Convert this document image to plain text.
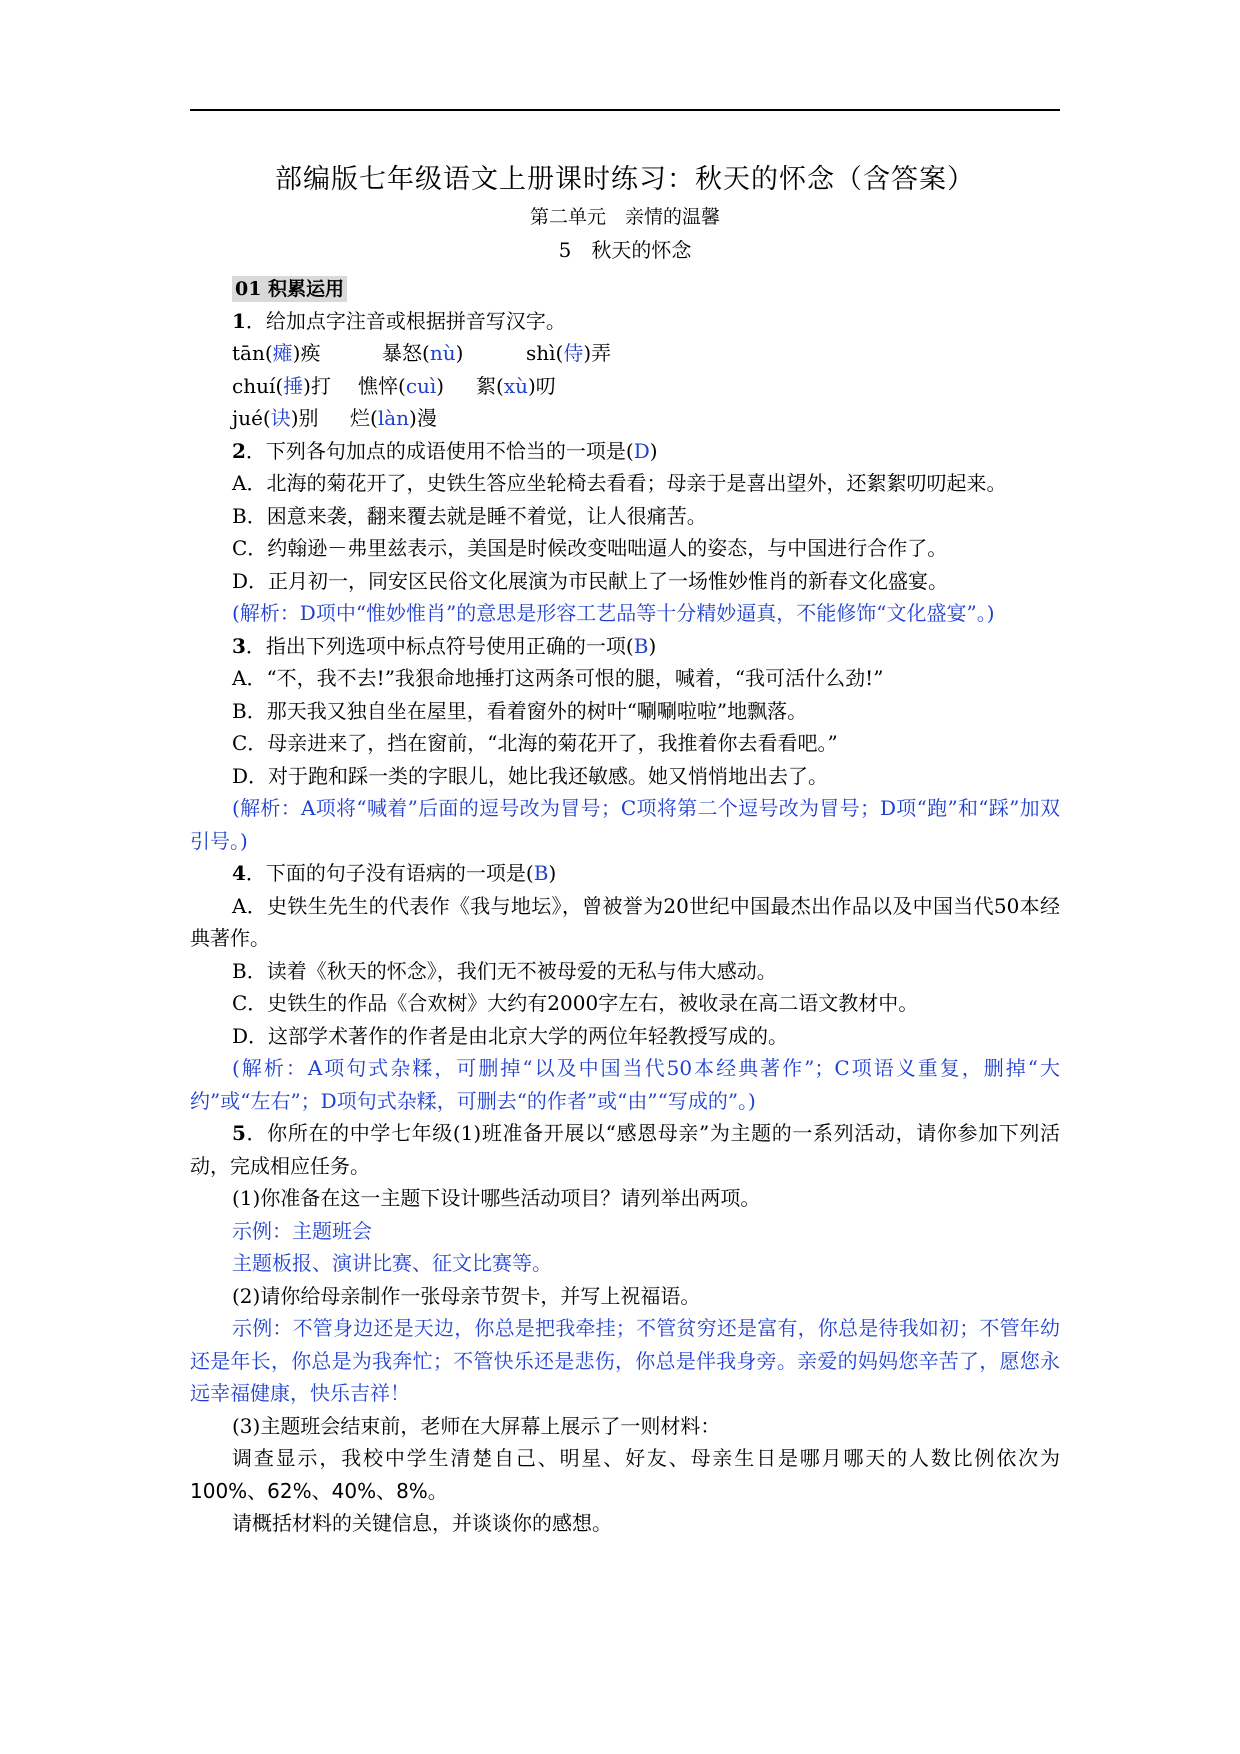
部编版七年级语文上册课时练习：秋天的怀念（含答案）
第二单元　亲情的温馨
5　秋天的怀念
01 积累运用

1．给加点字注音或根据拼音写汉字。

tān(瘫)痪	暴怒(nù)	shì(侍)弄

chuí(捶)打 憔悴(cuì) 絮(xù)叨

jué(诀)别 烂(làn)漫

2．下列各句加点的成语使用不恰当的一项是(D)

A．北海的菊花开了，史铁生答应坐轮椅去看看；母亲于是喜出望外，还絮絮叨叨起来。

B．困意来袭，翻来覆去就是睡不着觉，让人很痛苦。

C．约翰逊－弗里兹表示，美国是时候改变咄咄逼人的姿态，与中国进行合作了。

D．正月初一，同安区民俗文化展演为市民献上了一场惟妙惟肖的新春文化盛宴。

(解析：D项中“惟妙惟肖”的意思是形容工艺品等十分精妙逼真，不能修饰“文化盛宴”。)

3．指出下列选项中标点符号使用正确的一项(B)

A．“不，我不去!”我狠命地捶打这两条可恨的腿，喊着，“我可活什么劲!”

B．那天我又独自坐在屋里，看着窗外的树叶“唰唰啦啦”地飘落。

C．母亲进来了，挡在窗前，“北海的菊花开了，我推着你去看看吧。”

D．对于跑和踩一类的字眼儿，她比我还敏感。她又悄悄地出去了。

(解析：A项将“喊着”后面的逗号改为冒号；C项将第二个逗号改为冒号；D项“跑”和“踩”加双引号。)

4．下面的句子没有语病的一项是(B)

A．史铁生先生的代表作《我与地坛》，曾被誉为20世纪中国最杰出作品以及中国当代50本经典著作。

B．读着《秋天的怀念》，我们无不被母爱的无私与伟大感动。

C．史铁生的作品《合欢树》大约有2000字左右，被收录在高二语文教材中。

D．这部学术著作的作者是由北京大学的两位年轻教授写成的。

(解析：A项句式杂糅，可删掉“以及中国当代50本经典著作”；C项语义重复，删掉“大约”或“左右”；D项句式杂糅，可删去“的作者”或“由”“写成的”。)

5．你所在的中学七年级(1)班准备开展以“感恩母亲”为主题的一系列活动，请你参加下列活动，完成相应任务。

(1)你准备在这一主题下设计哪些活动项目？请列举出两项。

示例：主题班会

主题板报、演讲比赛、征文比赛等。

(2)请你给母亲制作一张母亲节贺卡，并写上祝福语。

示例：不管身边还是天边，你总是把我牵挂；不管贫穷还是富有，你总是待我如初；不管年幼还是年长，你总是为我奔忙；不管快乐还是悲伤，你总是伴我身旁。亲爱的妈妈您辛苦了，愿您永远幸福健康，快乐吉祥！

(3)主题班会结束前，老师在大屏幕上展示了一则材料：

调查显示，我校中学生清楚自己、明星、好友、母亲生日是哪月哪天的人数比例依次为100%、62%、40%、8%。

请概括材料的关键信息，并谈谈你的感想。
